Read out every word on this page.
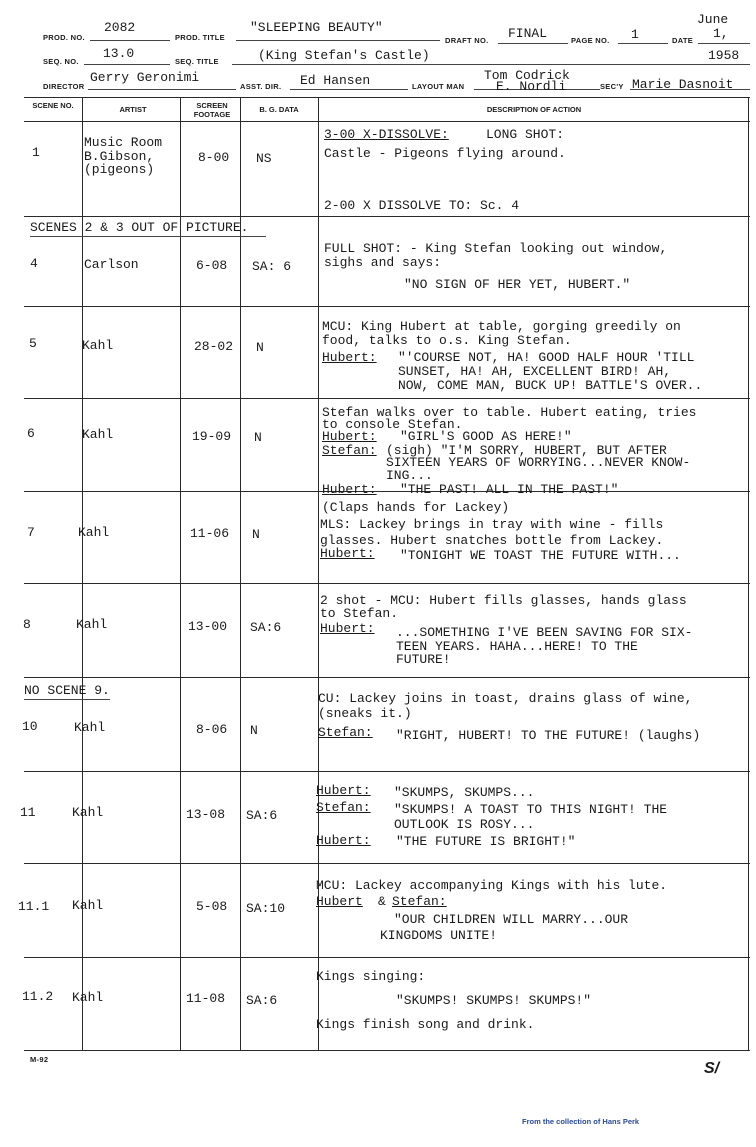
PROD. NO.
2082
PROD. TITLE
"SLEEPING BEAUTY"
DRAFT NO. FINAL	PAGE NO. 1	DATE
June
1,
SEQ. NO.
13.0
SEQ. TITLE	(King Stefan's Castle)	1958
DIRECTOR
Gerry Geronimi
ASST. DIR. Ed Hansen	LAYOUT MAN
Tom Codrick
E. Nordli	SEC'Y Marie Dasnoit
SCENE NO.	ARTIST	SCREEN FOOTAGE
B. G. DATA	DESCRIPTION OF ACTION
1
Music Room
B.Gibson,
(pigeons)
8-00 NS
3-00 X-DISSOLVE:	LONG SHOT:
Castle - Pigeons flying around.
2-00 X DISSOLVE TO: Sc. 4
SCENES 2 & 3 OUT OF PICTURE.
4	Carlson	6-08 SA: 6
FULL SHOT: - King Stefan looking out window,
sighs and says:
"NO SIGN OF HER YET, HUBERT."
5	Kahl	28-02 N
MCU: King Hubert at table, gorging greedily on
food, talks to o.s. King Stefan.
Hubert: "'COURSE NOT, HA! GOOD HALF HOUR 'TILL
SUNSET, HA! AH, EXCELLENT BIRD! AH,
NOW, COME MAN, BUCK UP! BATTLE'S OVER..
6	Kahl	19-09 N
Stefan walks over to table. Hubert eating, tries
to console Stefan.
Hubert: "GIRL'S GOOD AS HERE!"
Stefan: (sigh) "I'M SORRY, HUBERT, BUT AFTER
SIXTEEN YEARS OF WORRYING...NEVER KNOW-
ING...
Hubert: "THE PAST! ALL IN THE PAST!"
7	Kahl	11-06 N
(Claps hands for Lackey)
MLS: Lackey brings in tray with wine - fills
glasses. Hubert snatches bottle from Lackey.
Hubert: "TONIGHT WE TOAST THE FUTURE WITH...
8	Kahl	13-00 SA:6
2 shot - MCU: Hubert fills glasses, hands glass
to Stefan.
Hubert: ...SOMETHING I'VE BEEN SAVING FOR SIX-
TEEN YEARS. HAHA...HERE! TO THE
FUTURE!
NO SCENE 9.
10	Kahl	8-06 N
CU: Lackey joins in toast, drains glass of wine,
(sneaks it.)
Stefan: "RIGHT, HUBERT! TO THE FUTURE! (laughs)
11	Kahl	13-08 SA:6
Hubert: "SKUMPS, SKUMPS...
Stefan: "SKUMPS! A TOAST TO THIS NIGHT! THE
OUTLOOK IS ROSY...
Hubert: "THE FUTURE IS BRIGHT!"
11.1 Kahl	5-08 SA:10
MCU: Lackey accompanying Kings with his lute.
Hubert & Stefan:
"OUR CHILDREN WILL MARRY...OUR
KINGDOMS UNITE!
11.2 Kahl	11-08 SA:6
Kings singing:
"SKUMPS! SKUMPS! SKUMPS!"
Kings finish song and drink.
M-92
S/
From the collection of Hans Perk
